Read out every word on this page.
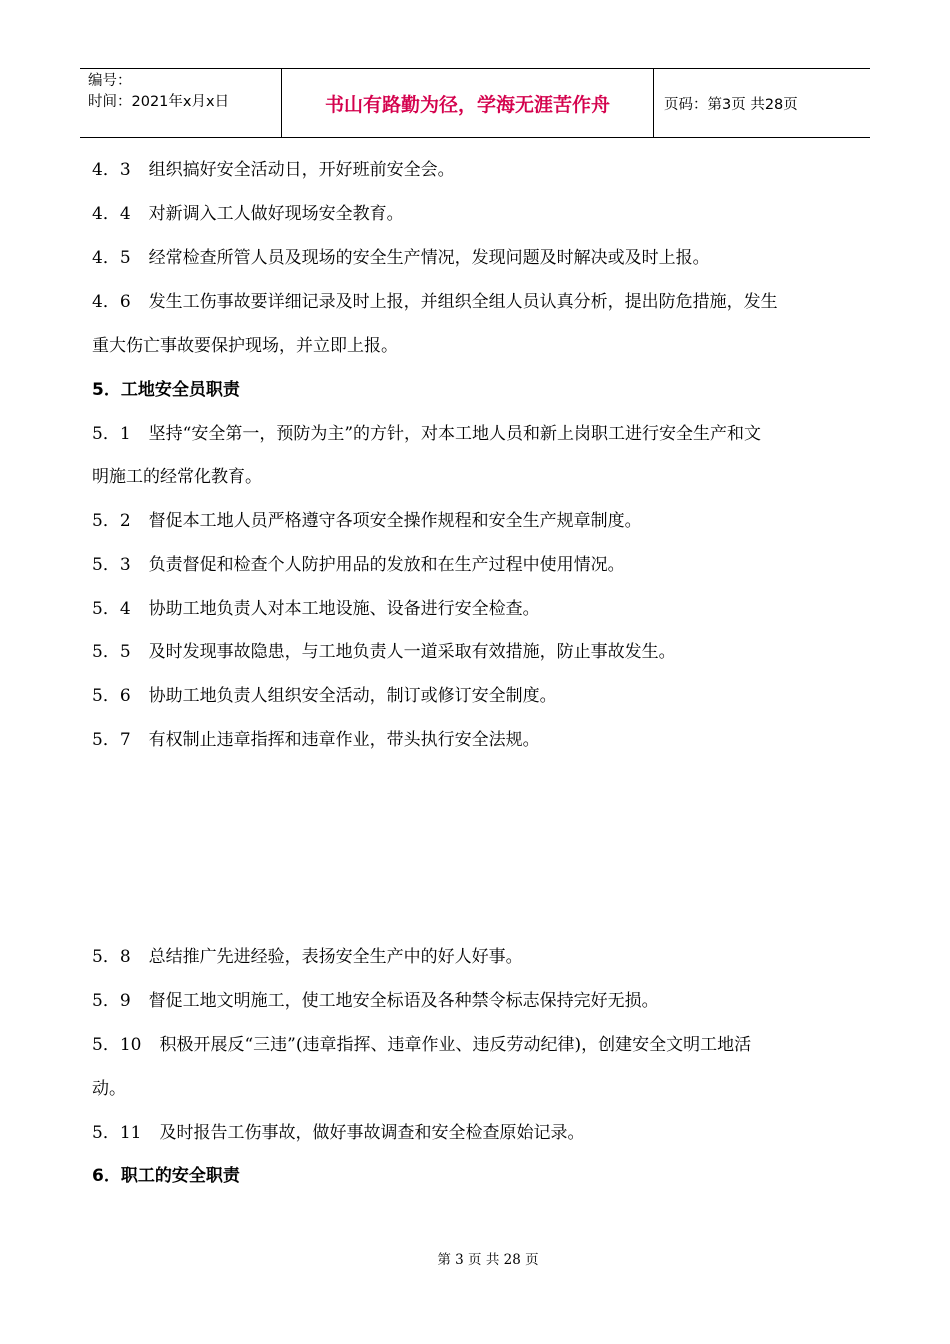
编号：
时间：2021年x月x日	书山有路勤为径，学海无涯苦作舟	页码：第3页 共28页
4．3 组织搞好安全活动日，开好班前安全会。
4．4 对新调入工人做好现场安全教育。
4．5 经常检查所管人员及现场的安全生产情况，发现问题及时解决或及时上报。
4．6 发生工伤事故要详细记录及时上报，并组织全组人员认真分析，提出防危措施，发生
重大伤亡事故要保护现场，并立即上报。
5．工地安全员职责
5．1 坚持“安全第一，预防为主”的方针，对本工地人员和新上岗职工进行安全生产和文
明施工的经常化教育。
5．2 督促本工地人员严格遵守各项安全操作规程和安全生产规章制度。
5．3 负责督促和检查个人防护用品的发放和在生产过程中使用情况。
5．4 协助工地负责人对本工地设施、设备进行安全检查。
5．5 及时发现事故隐患，与工地负责人一道采取有效措施，防止事故发生。
5．6 协助工地负责人组织安全活动，制订或修订安全制度。
5．7 有权制止违章指挥和违章作业，带头执行安全法规。
5．8 总结推广先进经验，表扬安全生产中的好人好事。
5．9 督促工地文明施工，使工地安全标语及各种禁令标志保持完好无损。
5．10 积极开展反“三违”(违章指挥、违章作业、违反劳动纪律)，创建安全文明工地活
动。
5．11 及时报告工伤事故，做好事故调查和安全检查原始记录。
6．职工的安全职责
第 3 页 共 28 页
